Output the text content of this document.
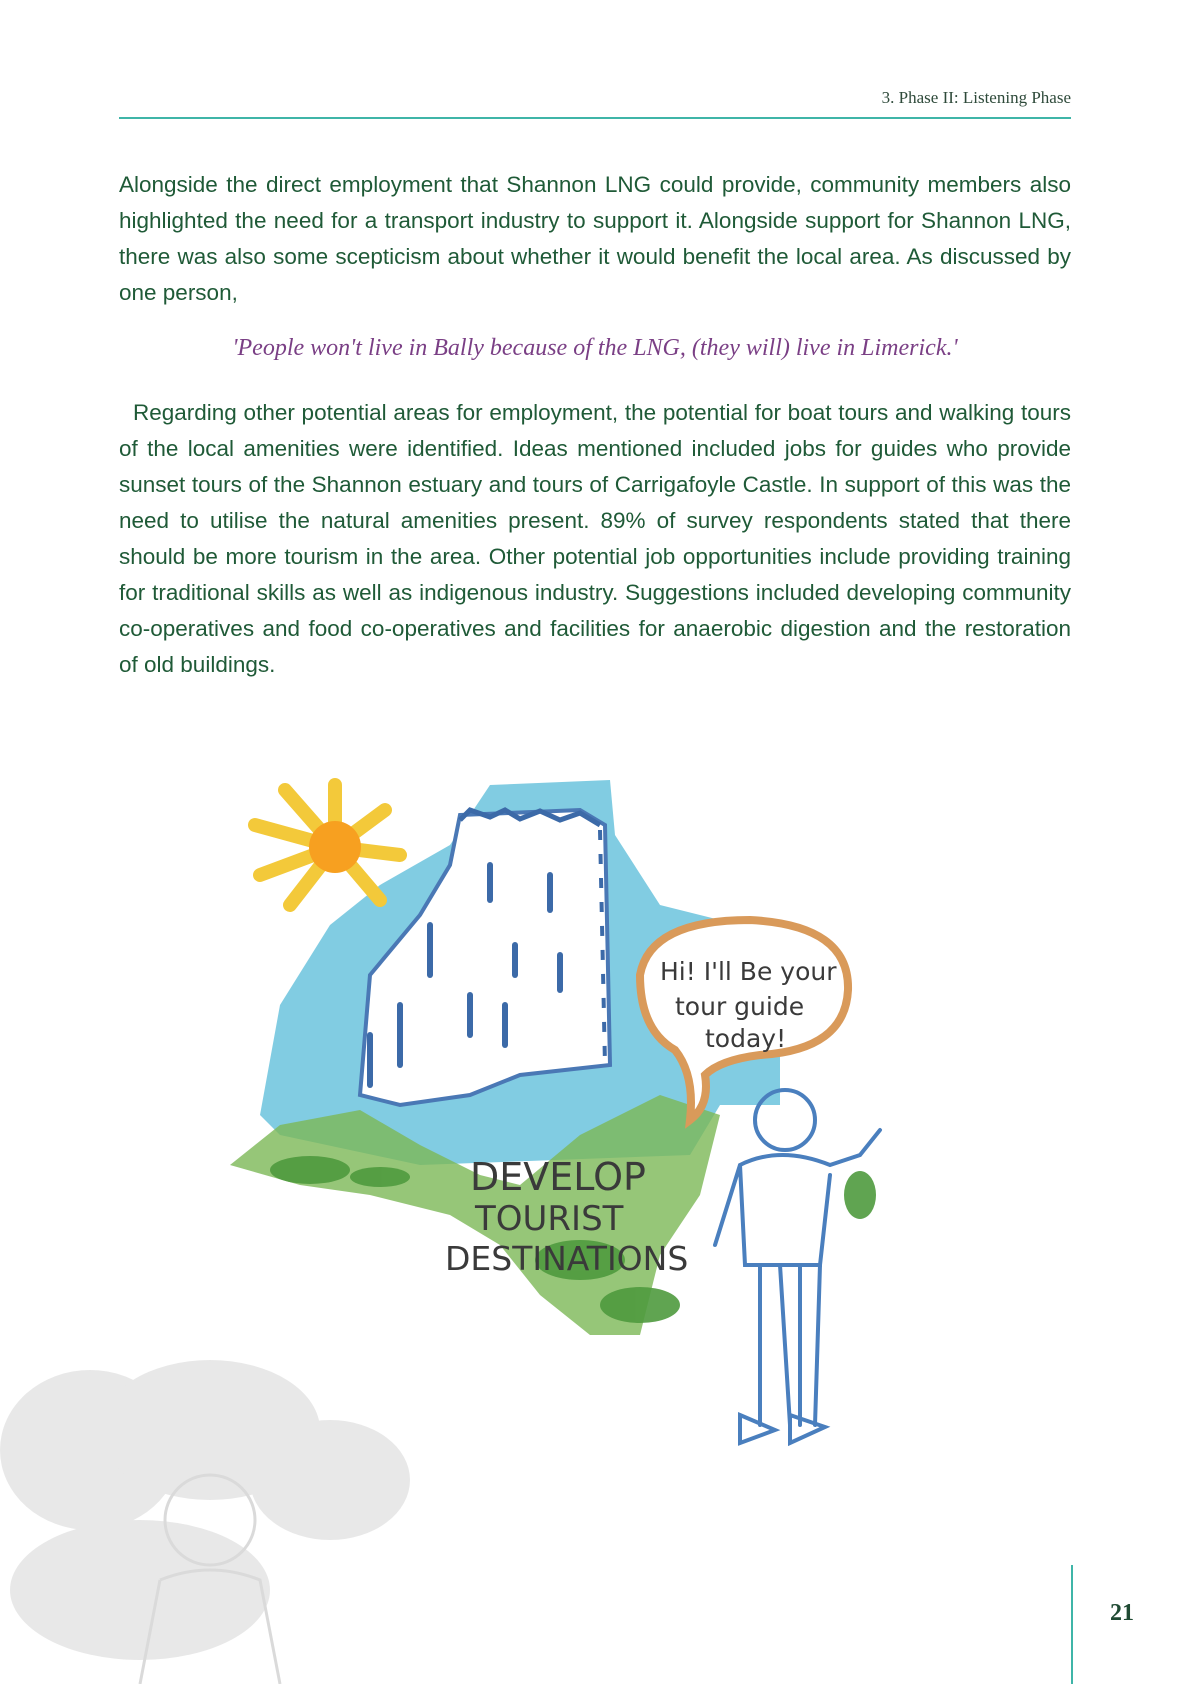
3. Phase II: Listening Phase

Alongside the direct employment that Shannon LNG could provide, community members also highlighted the need for a transport industry to support it. Alongside support for Shannon LNG, there was also some scepticism about whether it would benefit the local area. As discussed by one person,

'People won't live in Bally because of the LNG, (they will) live in Limerick.'

Regarding other potential areas for employment, the potential for boat tours and walking tours of the local amenities were identified. Ideas mentioned included jobs for guides who provide sunset tours of the Shannon estuary and tours of Carrigafoyle Castle. In support of this was the need to utilise the natural amenities present. 89% of survey respondents stated that there should be more tourism in the area. Other potential job opportunities include providing training for traditional skills as well as indigenous industry. Suggestions included developing community co-operatives and food co-operatives and facilities for anaerobic digestion and the restoration of old buildings.

Hi! I'll Be your
tour guide
today!
DEVELOP
TOURIST
DESTINATIONS
21
